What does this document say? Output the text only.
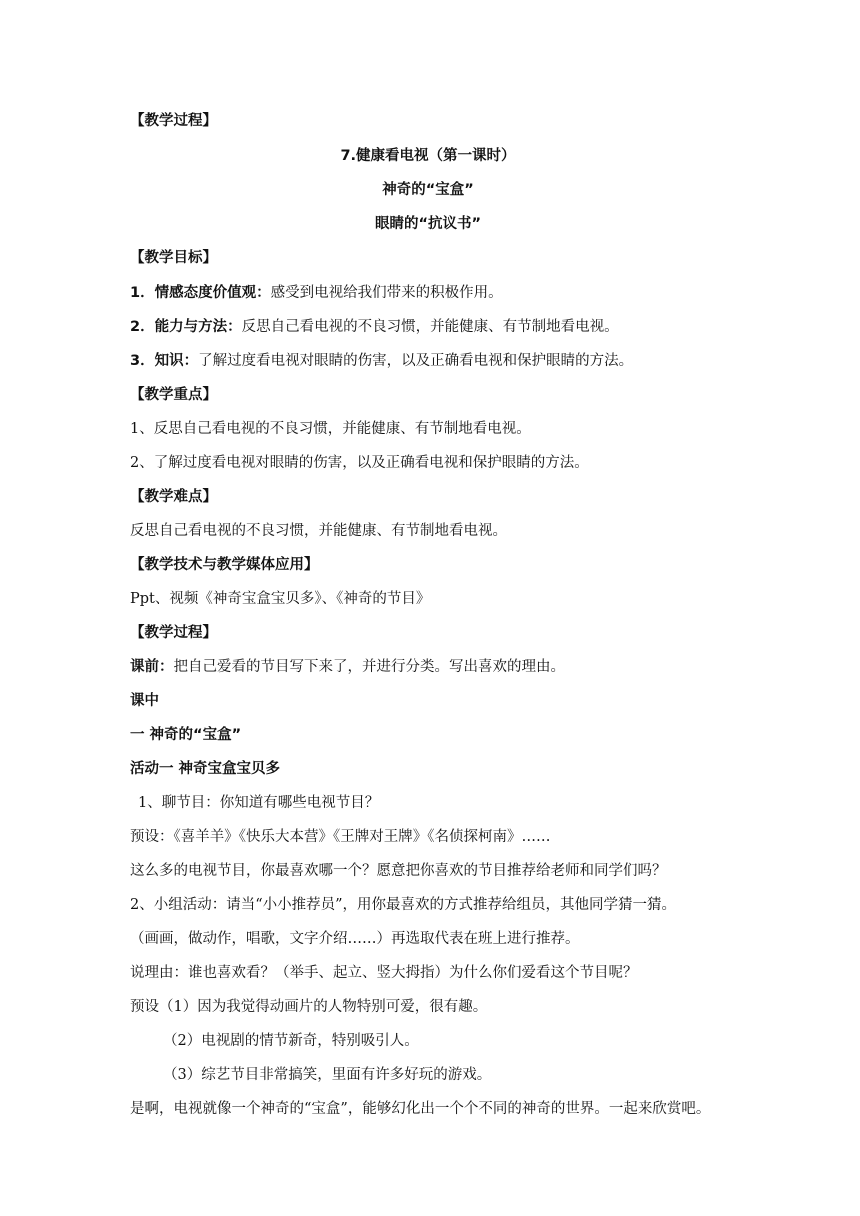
【教学过程】
7.健康看电视（第一课时）
神奇的“宝盒”
眼睛的“抗议书”
【教学目标】
1．情感态度价值观：感受到电视给我们带来的积极作用。
2．能力与方法：反思自己看电视的不良习惯，并能健康、有节制地看电视。
3．知识：了解过度看电视对眼睛的伤害，以及正确看电视和保护眼睛的方法。
【教学重点】
1、反思自己看电视的不良习惯，并能健康、有节制地看电视。
2、了解过度看电视对眼睛的伤害，以及正确看电视和保护眼睛的方法。
【教学难点】
反思自己看电视的不良习惯，并能健康、有节制地看电视。
【教学技术与教学媒体应用】
Ppt、视频《神奇宝盒宝贝多》、《神奇的节目》
【教学过程】
课前：把自己爱看的节目写下来了，并进行分类。写出喜欢的理由。
课中
一 神奇的“宝盒”
活动一 神奇宝盒宝贝多
1、聊节目：你知道有哪些电视节目？
预设：《喜羊羊》《快乐大本营》《王牌对王牌》《名侦探柯南》……
这么多的电视节目，你最喜欢哪一个？愿意把你喜欢的节目推荐给老师和同学们吗？
2、小组活动：请当“小小推荐员”，用你最喜欢的方式推荐给组员，其他同学猜一猜。
（画画，做动作，唱歌，文字介绍……）再选取代表在班上进行推荐。
说理由：谁也喜欢看？（举手、起立、竖大拇指）为什么你们爱看这个节目呢？
预设（1）因为我觉得动画片的人物特别可爱，很有趣。
（2）电视剧的情节新奇，特别吸引人。
（3）综艺节目非常搞笑，里面有许多好玩的游戏。
是啊，电视就像一个神奇的“宝盒”，能够幻化出一个个不同的神奇的世界。一起来欣赏吧。
